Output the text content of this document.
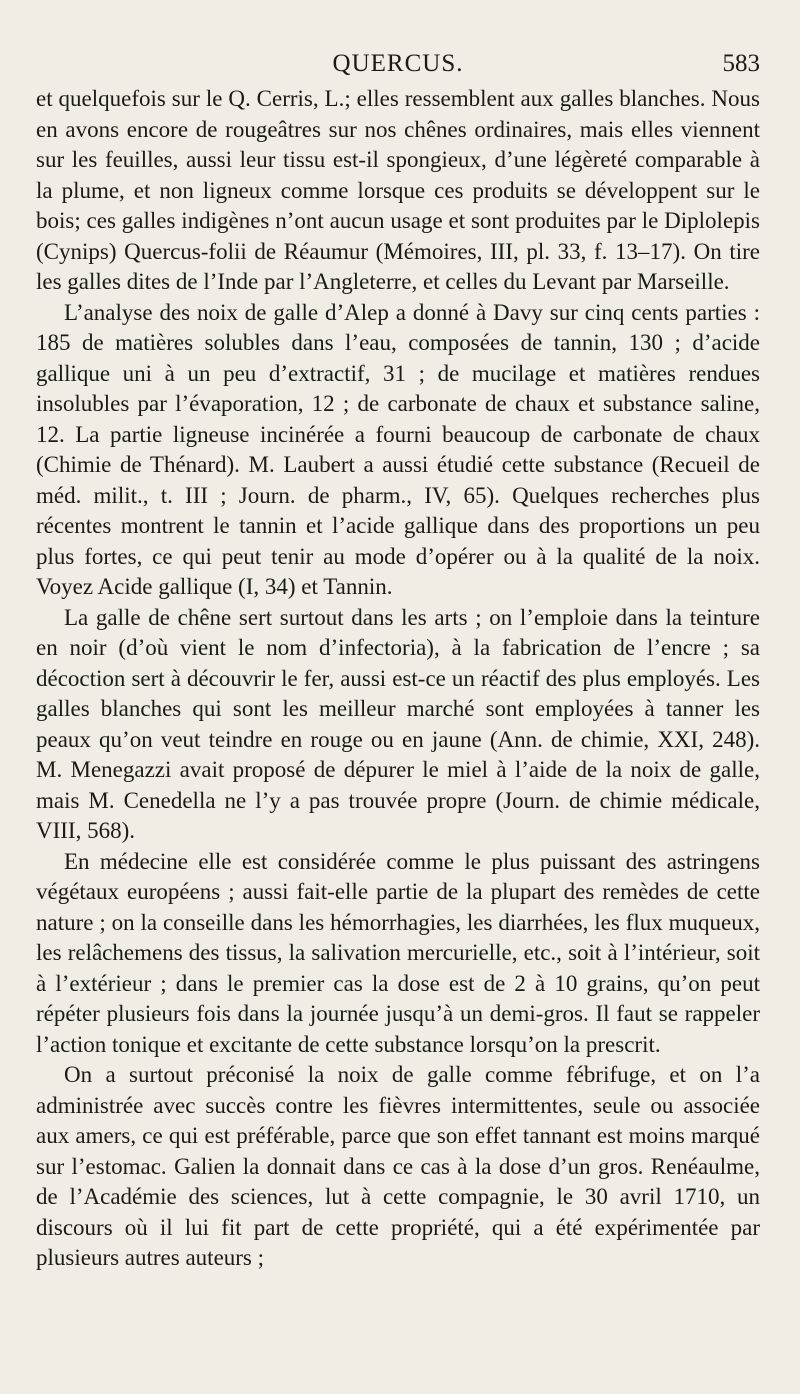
QUERCUS.	583

et quelquefois sur le Q. Cerris, L.; elles ressemblent aux galles blanches. Nous en avons encore de rougeâtres sur nos chênes ordinaires, mais elles viennent sur les feuilles, aussi leur tissu est-il spongieux, d’une légèreté comparable à la plume, et non ligneux comme lorsque ces produits se développent sur le bois; ces galles indigènes n’ont aucun usage et sont produites par le Diplolepis (Cynips) Quercus-folii de Réaumur (Mémoires, III, pl. 33, f. 13–17). On tire les galles dites de l’Inde par l’Angleterre, et celles du Levant par Marseille.

L’analyse des noix de galle d’Alep a donné à Davy sur cinq cents parties : 185 de matières solubles dans l’eau, composées de tannin, 130 ; d’acide gallique uni à un peu d’extractif, 31 ; de mucilage et matières rendues insolubles par l’évaporation, 12 ; de carbonate de chaux et substance saline, 12. La partie ligneuse incinérée a fourni beaucoup de carbonate de chaux (Chimie de Thénard). M. Laubert a aussi étudié cette substance (Recueil de méd. milit., t. III ; Journ. de pharm., IV, 65). Quelques recherches plus récentes montrent le tannin et l’acide gallique dans des proportions un peu plus fortes, ce qui peut tenir au mode d’opérer ou à la qualité de la noix. Voyez Acide gallique (I, 34) et Tannin.

La galle de chêne sert surtout dans les arts ; on l’emploie dans la teinture en noir (d’où vient le nom d’infectoria), à la fabrication de l’encre ; sa décoction sert à découvrir le fer, aussi est-ce un réactif des plus employés. Les galles blanches qui sont les meilleur marché sont employées à tanner les peaux qu’on veut teindre en rouge ou en jaune (Ann. de chimie, XXI, 248). M. Menegazzi avait proposé de dépurer le miel à l’aide de la noix de galle, mais M. Cenedella ne l’y a pas trouvée propre (Journ. de chimie médicale, VIII, 568).

En médecine elle est considérée comme le plus puissant des astringens végétaux européens ; aussi fait-elle partie de la plupart des remèdes de cette nature ; on la conseille dans les hémorrhagies, les diarrhées, les flux muqueux, les relâchemens des tissus, la salivation mercurielle, etc., soit à l’intérieur, soit à l’extérieur ; dans le premier cas la dose est de 2 à 10 grains, qu’on peut répéter plusieurs fois dans la journée jusqu’à un demi-gros. Il faut se rappeler l’action tonique et excitante de cette substance lorsqu’on la prescrit.

On a surtout préconisé la noix de galle comme fébrifuge, et on l’a administrée avec succès contre les fièvres intermittentes, seule ou associée aux amers, ce qui est préférable, parce que son effet tannant est moins marqué sur l’estomac. Galien la donnait dans ce cas à la dose d’un gros. Renéaulme, de l’Académie des sciences, lut à cette compagnie, le 30 avril 1710, un discours où il lui fit part de cette propriété, qui a été expérimentée par plusieurs autres auteurs ;
